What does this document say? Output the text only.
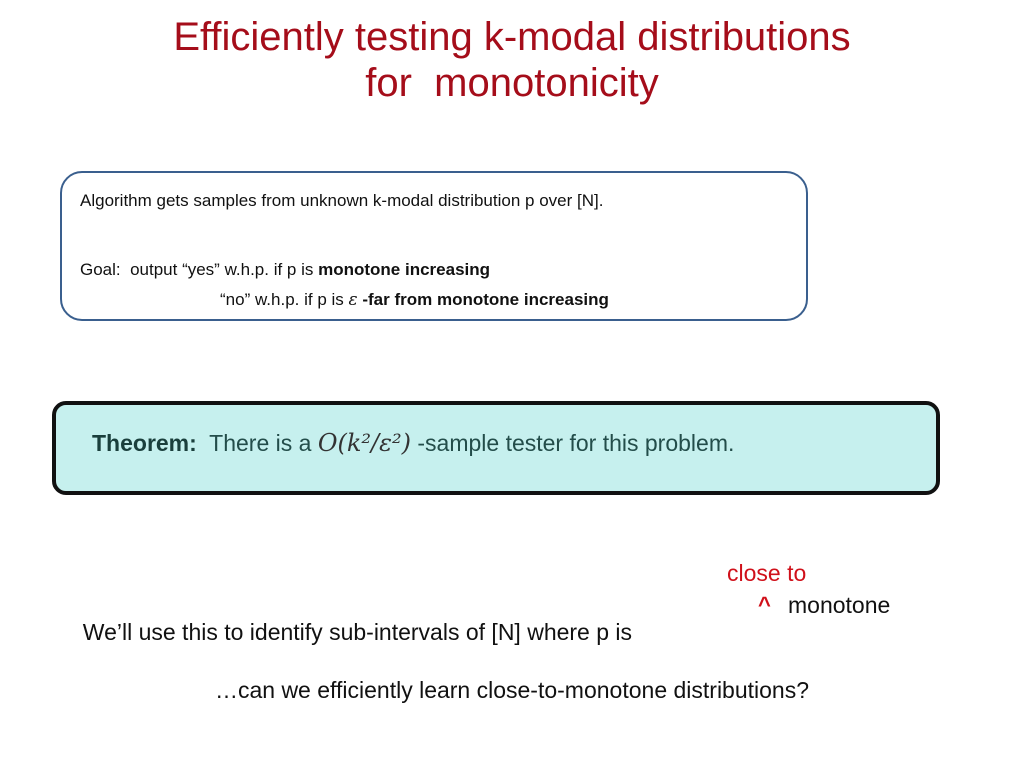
Efficiently testing k-modal distributions
for  monotonicity
Algorithm gets samples from unknown k-modal distribution p over [N].
Goal:  output “yes” w.h.p. if p is monotone increasing
“no” w.h.p. if p is ε -far from monotone increasing
Theorem:  There is a O(k²/ε²) -sample tester for this problem.
close to

We’ll use this to identify sub-intervals of [N] where p is

monotone

^
…can we efficiently learn close-to-monotone distributions?
